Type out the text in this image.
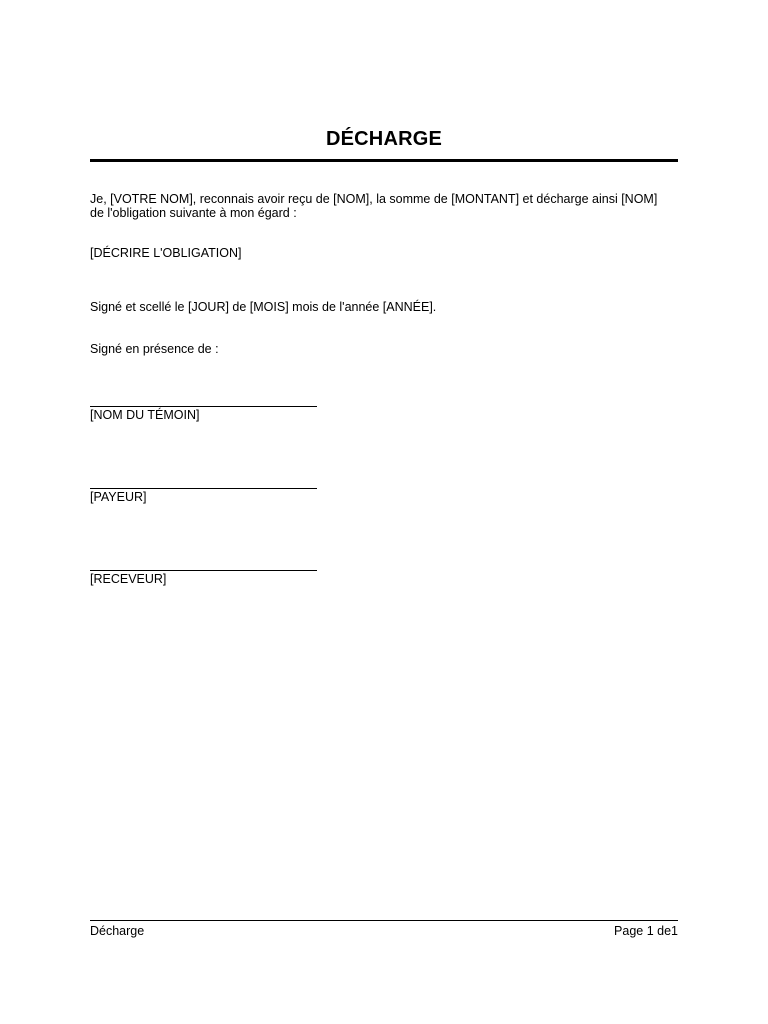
DÉCHARGE
Je, [VOTRE NOM], reconnais avoir reçu de [NOM], la somme de [MONTANT] et décharge ainsi [NOM]
de l'obligation suivante à mon égard :
[DÉCRIRE L'OBLIGATION]
Signé et scellé le [JOUR] de [MOIS] mois de l'année [ANNÉE].
Signé en présence de :
[NOM DU TÉMOIN]
[PAYEUR]
[RECEVEUR]
Décharge	Page 1 de1
